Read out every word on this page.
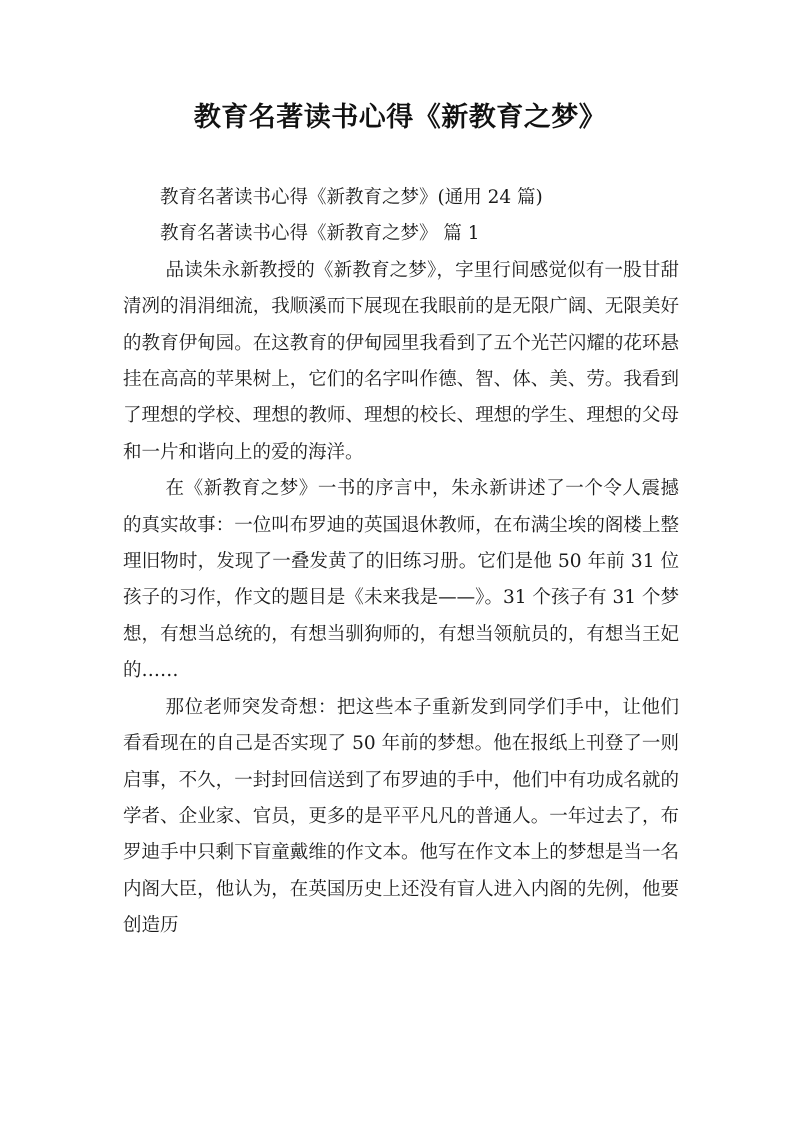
教育名著读书心得《新教育之梦》

教育名著读书心得《新教育之梦》(通用 24 篇)

教育名著读书心得《新教育之梦》 篇 1

品读朱永新教授的《新教育之梦》，字里行间感觉似有一股甘甜清冽的涓涓细流，我顺溪而下展现在我眼前的是无限广阔、无限美好的教育伊甸园。在这教育的伊甸园里我看到了五个光芒闪耀的花环悬挂在高高的苹果树上，它们的名字叫作德、智、体、美、劳。我看到了理想的学校、理想的教师、理想的校长、理想的学生、理想的父母和一片和谐向上的爱的海洋。

在《新教育之梦》一书的序言中，朱永新讲述了一个令人震撼的真实故事：一位叫布罗迪的英国退休教师，在布满尘埃的阁楼上整理旧物时，发现了一叠发黄了的旧练习册。它们是他 50 年前 31 位孩子的习作，作文的题目是《未来我是——》。31 个孩子有 31 个梦想，有想当总统的，有想当驯狗师的，有想当领航员的，有想当王妃的……

那位老师突发奇想：把这些本子重新发到同学们手中，让他们看看现在的自己是否实现了 50 年前的梦想。他在报纸上刊登了一则启事，不久，一封封回信送到了布罗迪的手中，他们中有功成名就的学者、企业家、官员，更多的是平平凡凡的普通人。一年过去了，布罗迪手中只剩下盲童戴维的作文本。他写在作文本上的梦想是当一名内阁大臣，他认为，在英国历史上还没有盲人进入内阁的先例，他要创造历
